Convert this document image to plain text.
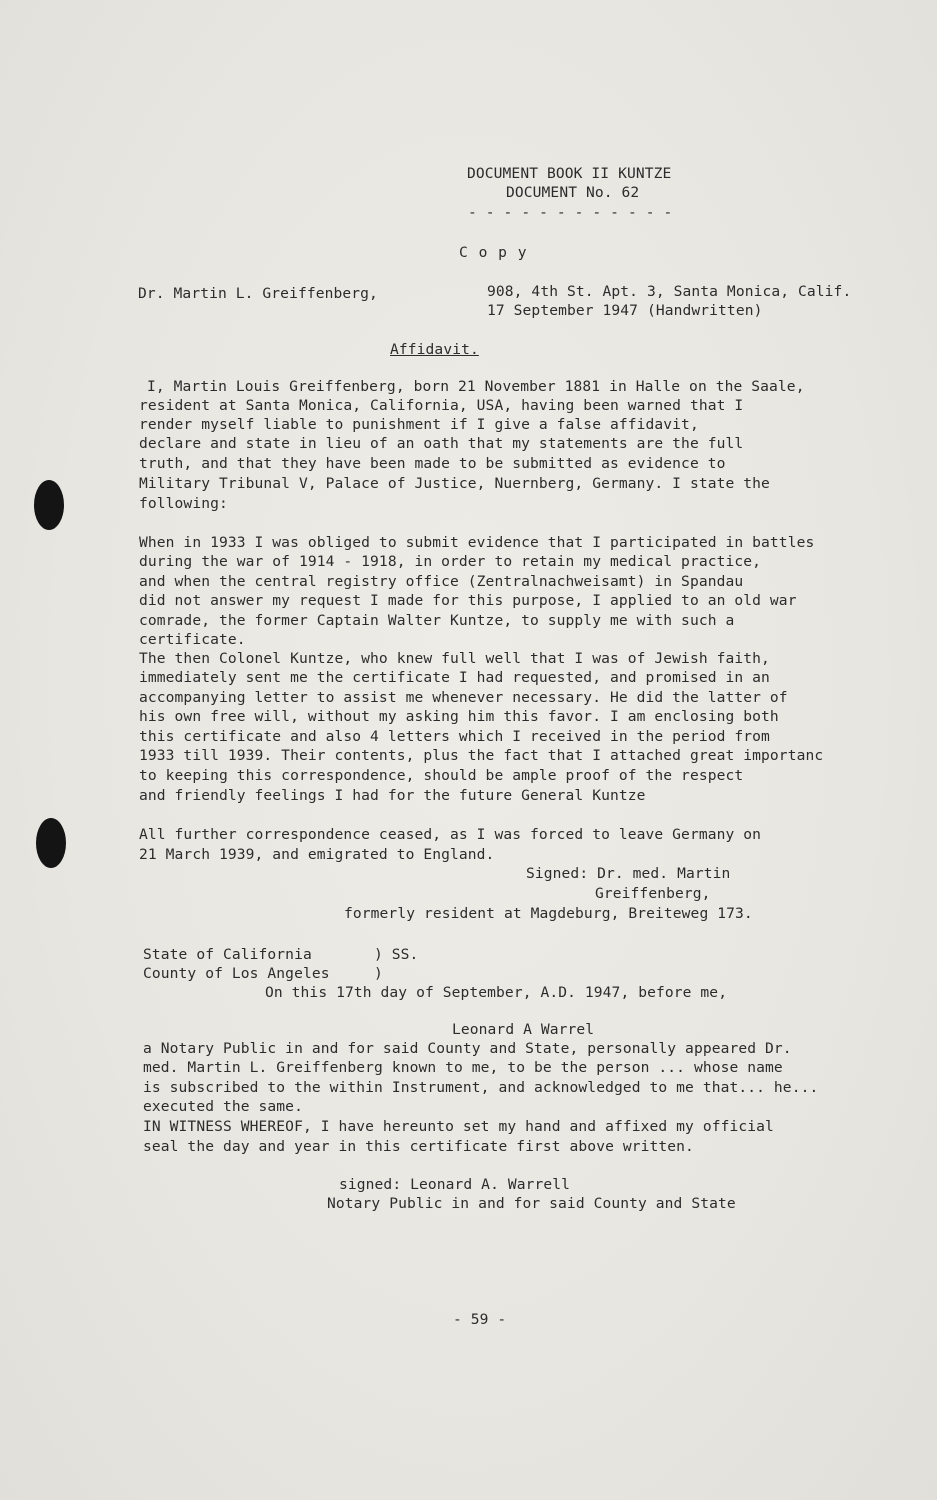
DOCUMENT BOOK II KUNTZE
DOCUMENT No. 62
- - - - - - - - - - - -
C o p y
Dr. Martin L. Greiffenberg,	908, 4th St. Apt. 3, Santa Monica, Calif.
17 September 1947 (Handwritten)
Affidavit.
I, Martin Louis Greiffenberg, born 21 November 1881 in Halle on the Saale,
resident at Santa Monica, California, USA, having been warned that I
render myself liable to punishment if I give a false affidavit,
declare and state in lieu of an oath that my statements are the full
truth, and that they have been made to be submitted as evidence to
Military Tribunal V, Palace of Justice, Nuernberg, Germany. I state the
following:
When in 1933 I was obliged to submit evidence that I participated in battles
during the war of 1914 - 1918, in order to retain my medical practice,
and when the central registry office (Zentralnachweisamt) in Spandau
did not answer my request I made for this purpose, I applied to an old war
comrade, the former Captain Walter Kuntze, to supply me with such a
certificate.
The then Colonel Kuntze, who knew full well that I was of Jewish faith,
immediately sent me the certificate I had requested, and promised in an
accompanying letter to assist me whenever necessary. He did the latter of
his own free will, without my asking him this favor. I am enclosing both
this certificate and also 4 letters which I received in the period from
1933 till 1939. Their contents, plus the fact that I attached great importanc
to keeping this correspondence, should be ample proof of the respect
and friendly feelings I had for the future General Kuntze
All further correspondence ceased, as I was forced to leave Germany on
21 March 1939, and emigrated to England.
Signed: Dr. med. Martin
Greiffenberg,
formerly resident at Magdeburg, Breiteweg 173.
State of California	) SS.
County of Los Angeles	)
On this 17th day of September, A.D. 1947, before me,
Leonard A Warrel
a Notary Public in and for said County and State, personally appeared Dr.
med. Martin L. Greiffenberg known to me, to be the person ... whose name
is subscribed to the within Instrument, and acknowledged to me that... he...
executed the same.
IN WITNESS WHEREOF, I have hereunto set my hand and affixed my official
seal the day and year in this certificate first above written.
signed: Leonard A. Warrell
Notary Public in and for said County and State
- 59 -
